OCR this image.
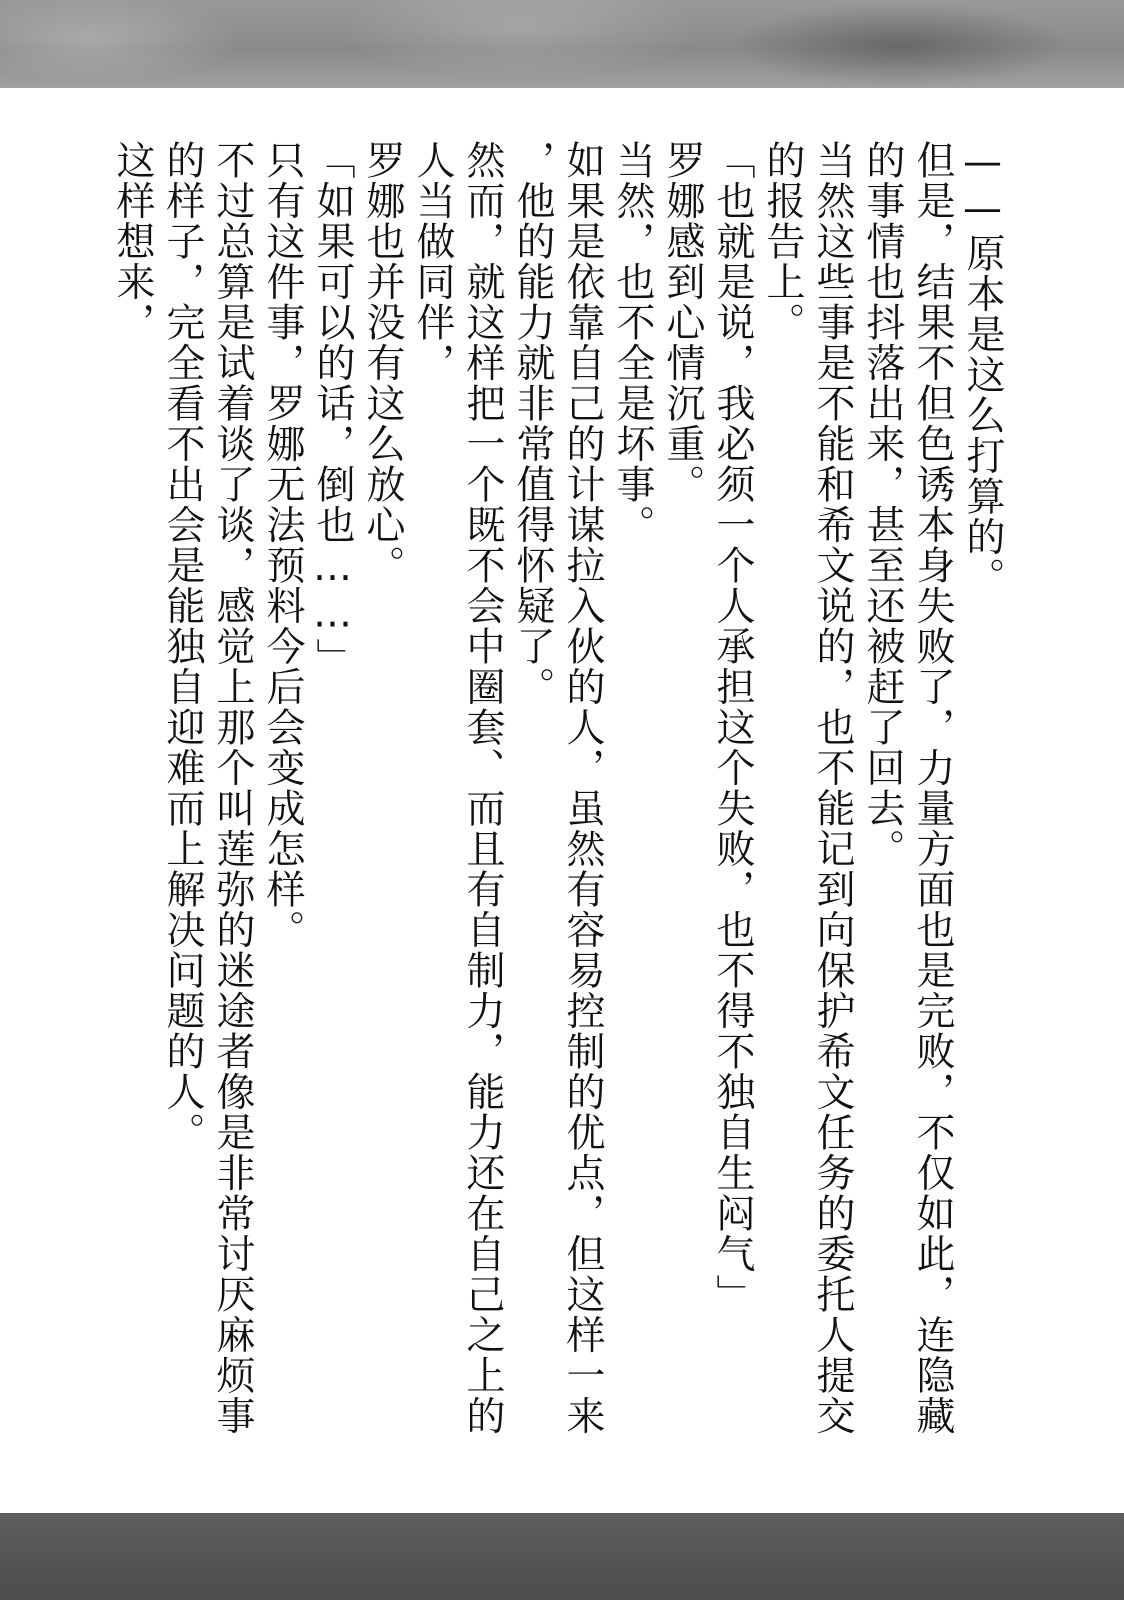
——原本是这么打算的。
但是，结果不但色诱本身失败了，力量方面也是完败，不仅如此，连隐藏
的事情也抖落出来，甚至还被赶了回去。
当然这些事是不能和希文说的，也不能记到向保护希文任务的委托人提交
的报告上。
「也就是说，我必须一个人承担这个失败，也不得不独自生闷气」
罗娜感到心情沉重。
当然，也不全是坏事。
如果是依靠自己的计谋拉入伙的人，虽然有容易控制的优点，但这样一来
，他的能力就非常值得怀疑了。
然而，就这样把一个既不会中圈套、而且有自制力，能力还在自己之上的
人当做同伴，
罗娜也并没有这么放心。
「如果可以的话，倒也……」
只有这件事，罗娜无法预料今后会变成怎样。
不过总算是试着谈了谈，感觉上那个叫莲弥的迷途者像是非常讨厌麻烦事
的样子，完全看不出会是能独自迎难而上解决问题的人。
这样想来，
